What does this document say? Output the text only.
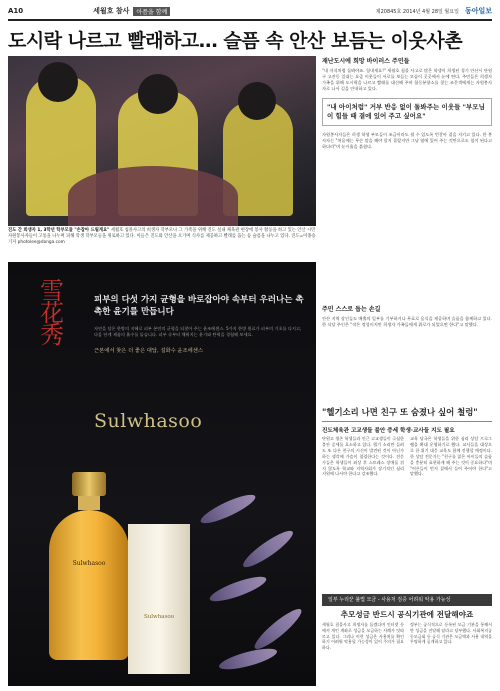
A10	세월호 참사	아픔을 함께	제20845호 2014년 4월 28일 월요일 동아일보
도시락 나르고 빨래하고… 슬픔 속 안산 보듬는 이웃사촌
진도 간 희생자 1, 3학년 학부모들 "손잡아 드릴게요" 세월호 침몰사고의 희생자 학부모나 그 가족을 위해 진도 실내 체육관 현장에 봉사 활동을 하고 있는 안산 시민 자원봉사자들이 고통을 나누며 피해 학생 학부모들을 위로하고 있다. 이들은 진도와 안산을 오가며 식사를 제공하고 빨래를 돕는 등 슬픔을 나누고 있다. 진도=이종승 기자 photolee@donga.com
雪花秀
피부의 다섯 가지 균형을 바로잡아야 속부터 우러나는 촉촉한 윤기를 만듭니다
자연을 담은 한방의 지혜로 피부 본연의 균형을 되찾아 주는 윤조에센스. 5가지 한방 원료가 피부의 기초를 다지고, 다음 단계 제품의 흡수를 돕습니다. 피부 속부터 채워지는 윤기와 탄력을 경험해 보세요.
근본에서 찾은 더 좋은 대답, 설화수 윤조에센스
Sulwhasoo
Sulwhasoo
Sulwhasoo
재난도시에 희망 바이러스 주민들
"내 자식처럼 돌봐야죠. 힘내세요!" 세월호 침몰 사고로 많은 학생이 희생된 경기 안산시 단원구 고잔동 일대는 요즘 이웃들이 서로를 보듬는 모습이 곳곳에서 눈에 띈다. 주민들은 희생자 가족을 위해 도시락을 나르고 빨래를 대신해 주며 합동분향소를 찾는 조문객에게는 자원봉사자로 나서 길을 안내하고 있다.
"내 아이처럼" 거부 반응 없이 돌봐주는 이웃들 "부모님이 힘들 때 곁에 있어 주고 싶어요"
자원봉사자들은 희생 학생 부모들이 조금이라도 쉴 수 있도록 번갈아 곁을 지키고 있다. 한 봉사자는 "처음에는 무슨 말을 해야 할지 몰랐지만 그냥 옆에 있어 주는 것만으로도 힘이 된다고 하더라"며 눈시울을 붉혔다.
주민 스스로 돕는 손길
안산 지역 상인들도 매출의 일부를 기부하거나 무료로 음식을 제공하며 슬픔을 함께하고 있다. 한 식당 주인은 "작은 정성이지만 희생자 가족들에게 위로가 되었으면 한다"고 말했다.
"헬기소리 나면 친구 또 숨졌나 싶어 철렁"
진도체육관 고교생들 불안 증세 학생·교사들 지도 필요
단원고 생존 학생들과 인근 고교생들이 극심한 불안 증세를 호소하고 있다. 헬기 소리만 들려도 또 다른 친구의 시신이 발견된 것이 아닌가 하는 생각에 가슴이 철렁한다는 것이다. 전문가들은 학생들이 외상 후 스트레스 장애를 겪지 않도록 학교와 지역사회가 장기적인 심리 지원에 나서야 한다고 강조했다.
교육 당국은 학생들을 위한 심리 상담 프로그램을 확대 운영하기로 했다. 교사들을 대상으로 한 위기 대응 교육도 함께 진행할 예정이다. 한 상담 전문가는 "친구를 잃은 아이들의 슬픔을 충분히 표현하게 해 주는 것이 중요하다"며 "어른들이 먼저 곁에서 들어 주어야 한다"고 말했다.
일부 누리꾼 불법 모금 - 사용처 검증 어려워 악용 가능성
추모성금 반드시 공식기관에 전달해야죠
세월호 침몰사고 희생자를 돕겠다며 인터넷 등에서 개인 계좌로 성금을 모금하는 사례가 잇따르고 있다. 그러나 이런 성금은 사용처를 확인하기 어려워 악용될 가능성이 있어 주의가 필요하다.
정부는 공식적으로 등록된 모금 기관을 통해서만 성금을 전달해 달라고 당부했다. 사회복지공동모금회 등 공식 기관은 모금액과 사용 내역을 투명하게 공개하고 있다.
